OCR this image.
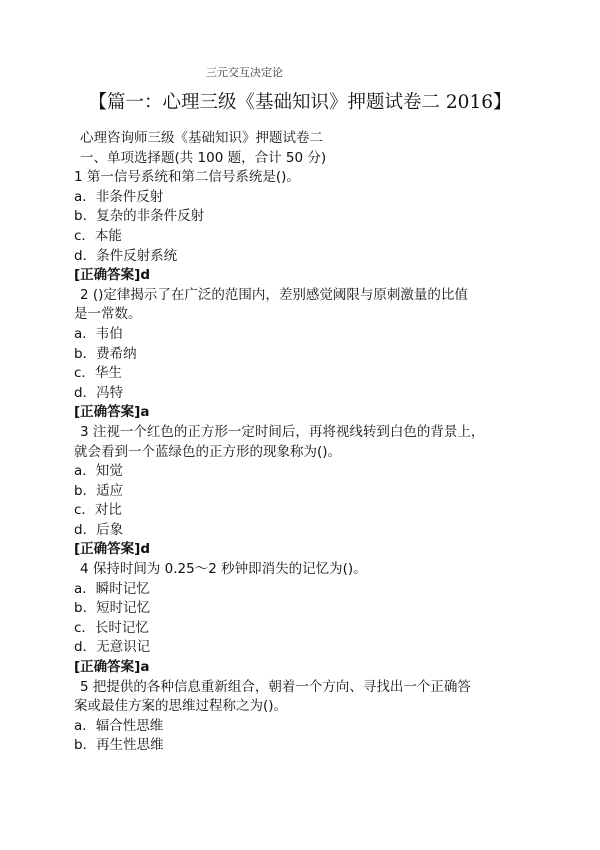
三元交互决定论
【篇一：心理三级《基础知识》押题试卷二 2016】
心理咨询师三级《基础知识》押题试卷二
一、单项选择题(共 100 题，合计 50 分)
1 第一信号系统和第二信号系统是()。
a．非条件反射
b．复杂的非条件反射
c．本能
d．条件反射系统
[正确答案]d
2 ()定律揭示了在广泛的范围内，差别感觉阈限与原刺激量的比值
是一常数。
a．韦伯
b．费希纳
c．华生
d．冯特
[正确答案]a
3 注视一个红色的正方形一定时间后，再将视线转到白色的背景上，
就会看到一个蓝绿色的正方形的现象称为()。
a．知觉
b．适应
c．对比
d．后象
[正确答案]d
4 保持时间为 0.25～2 秒钟即消失的记忆为()。
a．瞬时记忆
b．短时记忆
c．长时记忆
d．无意识记
[正确答案]a
5 把提供的各种信息重新组合，朝着一个方向、寻找出一个正确答
案或最佳方案的思维过程称之为()。
a．辐合性思维
b．再生性思维
